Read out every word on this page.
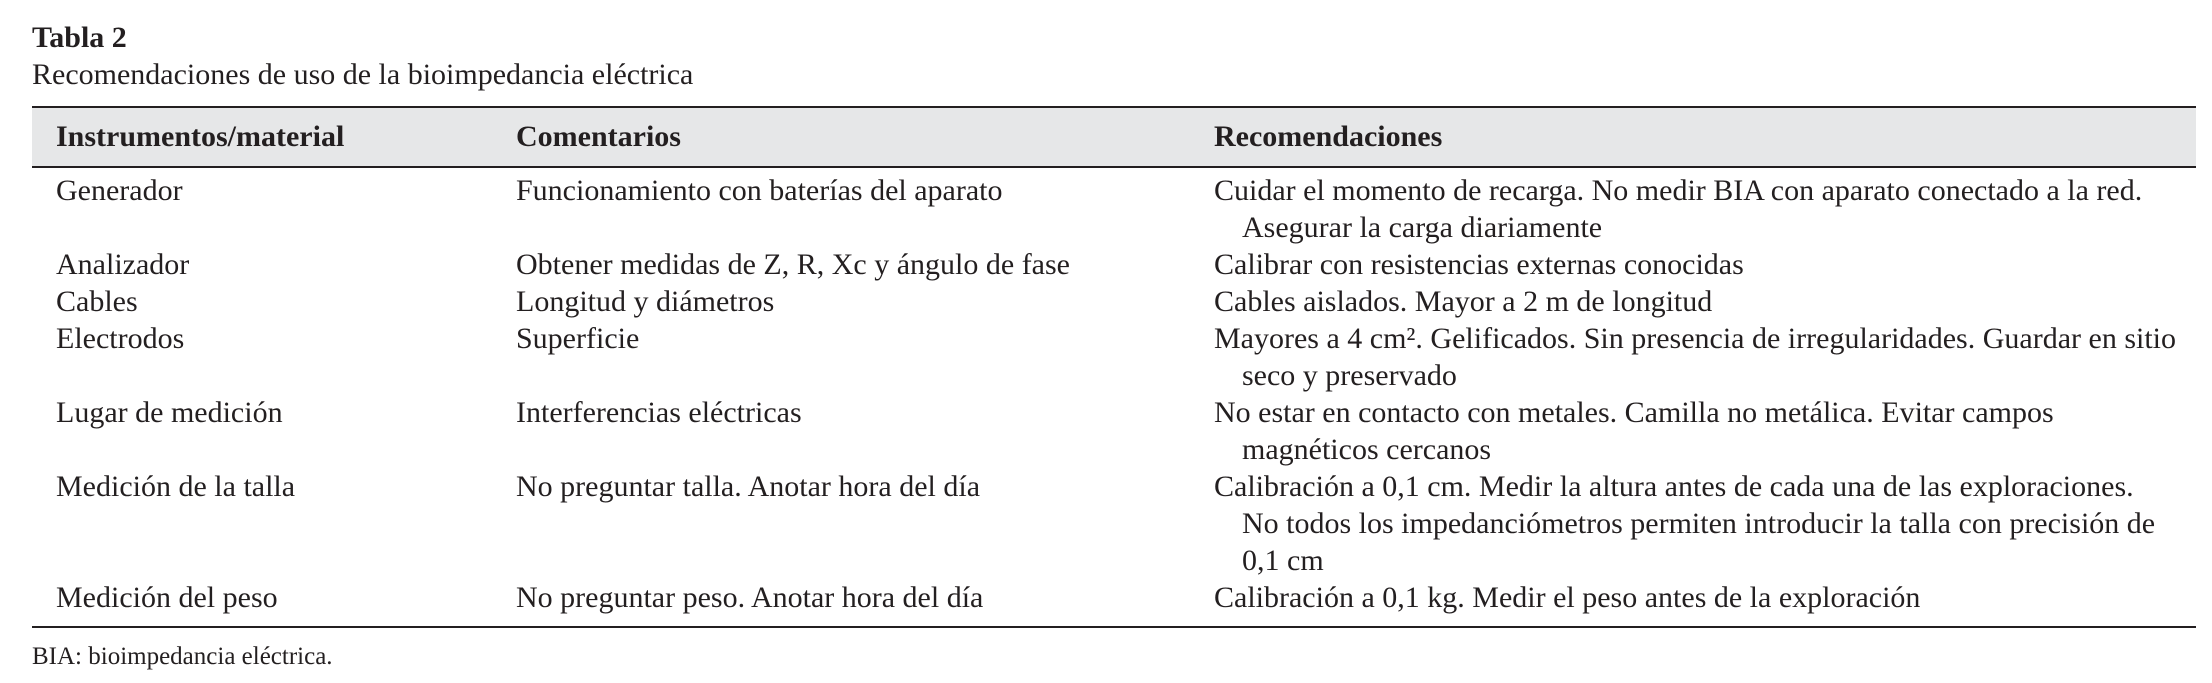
Tabla 2
Recomendaciones de uso de la bioimpedancia eléctrica
Instrumentos/material	Comentarios	Recomendaciones
Generador	Funcionamiento con baterías del aparato	Cuidar el momento de recarga. No medir BIA con aparato conectado a la red. Asegurar la carga diariamente

Analizador	Obtener medidas de Z, R, Xc y ángulo de fase	Calibrar con resistencias externas conocidas

Cables	Longitud y diámetros	Cables aislados. Mayor a 2 m de longitud

Electrodos	Superficie	Mayores a 4 cm². Gelificados. Sin presencia de irregularidades. Guardar en sitio seco y preservado

Lugar de medición	Interferencias eléctricas	No estar en contacto con metales. Camilla no metálica. Evitar campos magnéticos cercanos

Medición de la talla	No preguntar talla. Anotar hora del día	Calibración a 0,1 cm. Medir la altura antes de cada una de las exploraciones. No todos los impedanciómetros permiten introducir la talla con precisión de 0,1 cm

Medición del peso	No preguntar peso. Anotar hora del día	Calibración a 0,1 kg. Medir el peso antes de la exploración
BIA: bioimpedancia eléctrica.
